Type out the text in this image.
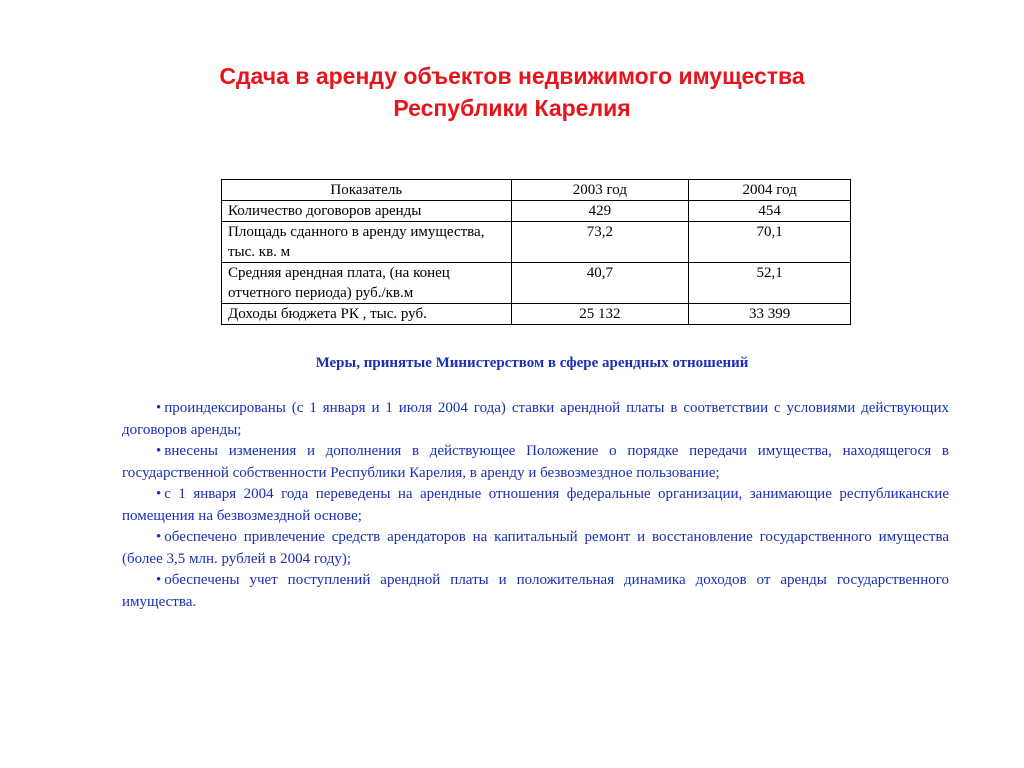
Сдача в аренду объектов недвижимого имущества
Республики Карелия
Показатель	2003 год	2004 год
Количество договоров аренды	429	454
Площадь сданного в аренду имущества, тыс. кв. м	73,2	70,1
Средняя арендная плата, (на конец отчетного периода) руб./кв.м	40,7	52,1
Доходы бюджета РК , тыс. руб.	25 132	33 399
Меры, принятые Министерством в сфере арендных отношений

• проиндексированы (с 1 января и 1 июля 2004 года) ставки арендной платы в соответствии с условиями действующих договоров аренды;

• внесены изменения и дополнения в действующее Положение о порядке передачи имущества, находящегося в государственной собственности Республики Карелия, в аренду и безвозмездное пользование;

• с 1 января 2004 года переведены на арендные отношения федеральные организации, занимающие республиканские помещения на безвозмездной основе;

• обеспечено привлечение средств арендаторов на капитальный ремонт и восстановление государственного имущества (более 3,5 млн. рублей в 2004 году);

• обеспечены учет поступлений арендной платы и положительная динамика доходов от аренды государственного имущества.
